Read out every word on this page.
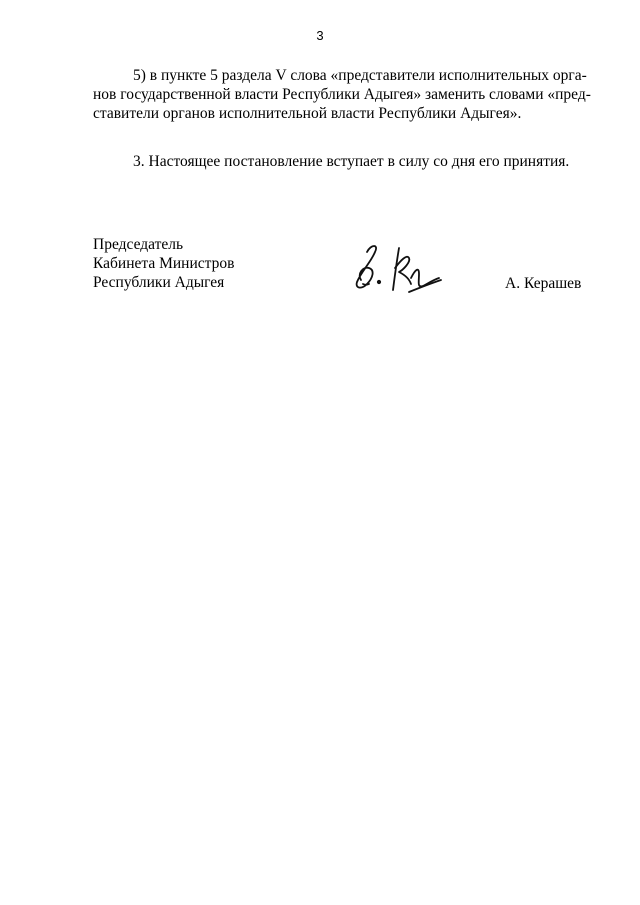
3
5) в пункте 5 раздела V слова «представители исполнительных орга-
нов государственной власти Республики Адыгея» заменить словами «пред-
ставители органов исполнительной власти Республики Адыгея».
3. Настоящее постановление вступает в силу со дня его принятия.
Председатель
Кабинета Министров
Республики Адыгея	А. Керашев
